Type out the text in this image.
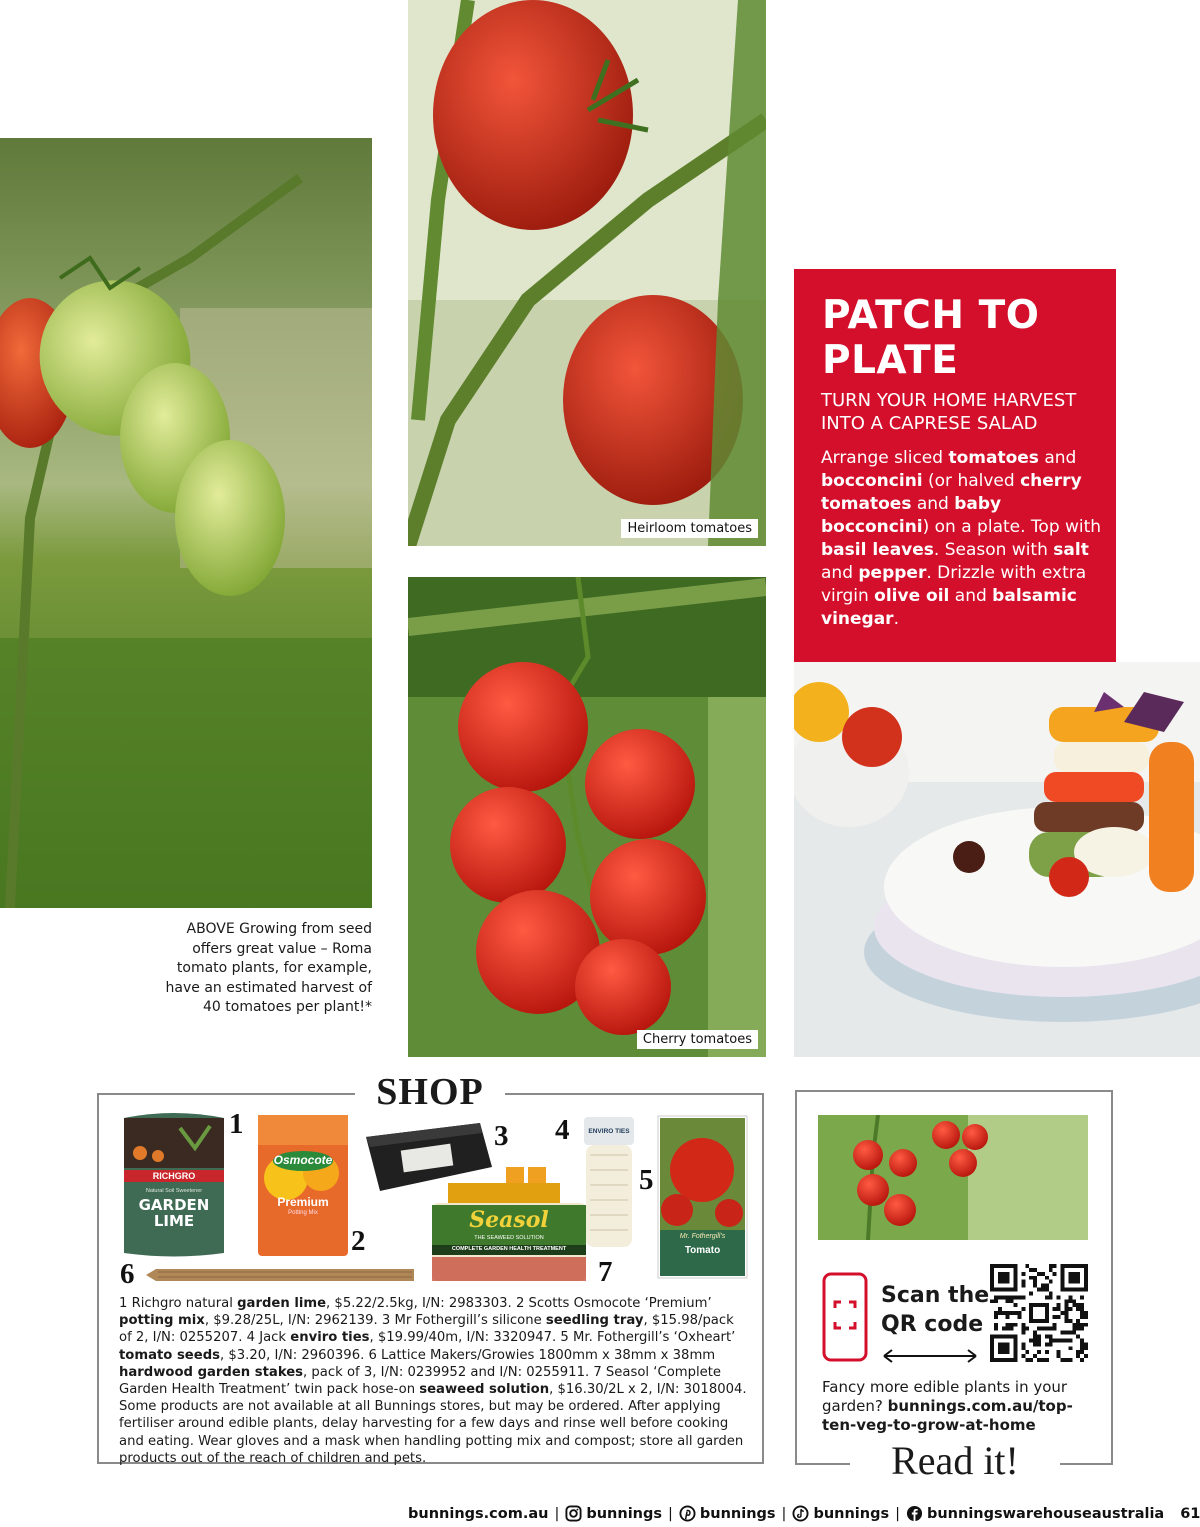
Heirloom tomatoes
Cherry tomatoes
ABOVE Growing from seed offers great value – Roma tomato plants, for example, have an estimated harvest of 40 tomatoes per plant!*
PATCH TO
PLATE
TURN YOUR HOME HARVEST
INTO A CAPRESE SALAD
Arrange sliced tomatoes and bocconcini (or halved cherry tomatoes and baby bocconcini) on a plate. Top with basil leaves. Season with salt and pepper. Drizzle with extra virgin olive oil and balsamic vinegar.
SHOP
RICHGRO
Natural Soil Sweetener
GARDEN
LIME
Osmocote
Premium
Potting Mix	Seasol
THE SEAWEED SOLUTION
COMPLETE GARDEN HEALTH TREATMENT
ENVIRO TIES
Mr. Fothergill's
Tomato
1
2
3 4
5
6	7
1 Richgro natural garden lime, $5.22/2.5kg, I/N: 2983303. 2 Scotts Osmocote ‘Premium’ potting mix, $9.28/25L, I/N: 2962139. 3 Mr Fothergill’s silicone seedling tray, $15.98/pack of 2, I/N: 0255207. 4 Jack enviro ties, $19.99/40m, I/N: 3320947. 5 Mr. Fothergill’s ‘Oxheart’ tomato seeds, $3.20, I/N: 2960396. 6 Lattice Makers/Growies 1800mm x 38mm x 38mm hardwood garden stakes, pack of 3, I/N: 0239952 and I/N: 0255911. 7 Seasol ‘Complete Garden Health Treatment’ twin pack hose-on seaweed solution, $16.30/2L x 2, I/N: 3018004. Some products are not available at all Bunnings stores, but may be ordered. After applying fertiliser around edible plants, delay harvesting for a few days and rinse well before cooking and eating. Wear gloves and a mask when handling potting mix and compost; store all garden products out of the reach of children and pets.
Scan the
QR code
Fancy more edible plants in your garden? bunnings.com.au/top-ten-veg-to-grow-at-home
Read it!
bunnings.com.au | bunnings | bunnings | bunnings | bunningswarehouseaustralia 61
